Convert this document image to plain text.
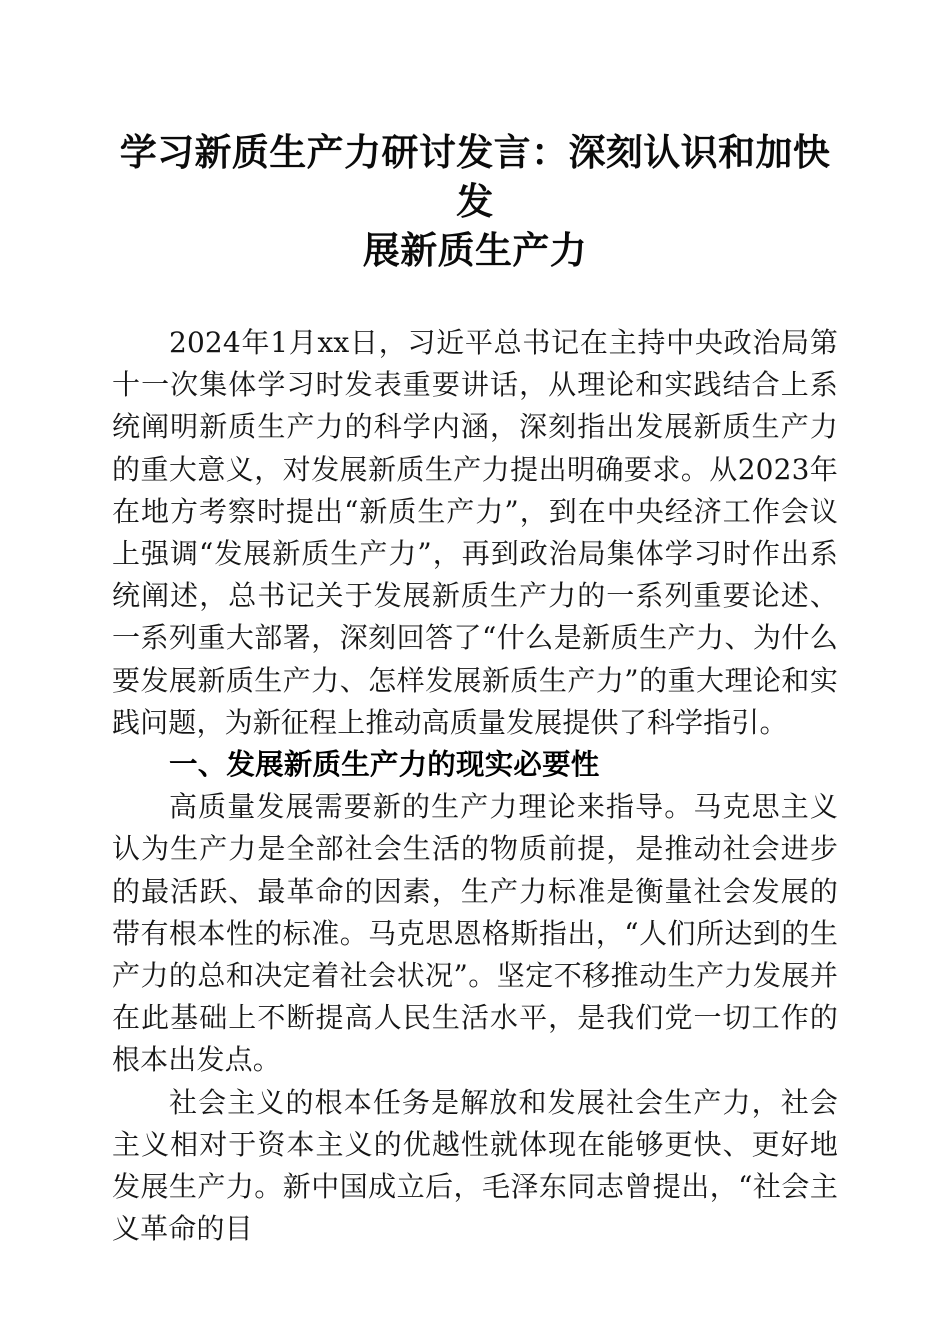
学习新质生产力研讨发言：深刻认识和加快发
展新质生产力

2024年1月xx日，习近平总书记在主持中央政治局第十一次集体学习时发表重要讲话，从理论和实践结合上系统阐明新质生产力的科学内涵，深刻指出发展新质生产力的重大意义，对发展新质生产力提出明确要求。从2023年在地方考察时提出“新质生产力”，到在中央经济工作会议上强调“发展新质生产力”，再到政治局集体学习时作出系统阐述，总书记关于发展新质生产力的一系列重要论述、一系列重大部署，深刻回答了“什么是新质生产力、为什么要发展新质生产力、怎样发展新质生产力”的重大理论和实践问题，为新征程上推动高质量发展提供了科学指引。

一、发展新质生产力的现实必要性

高质量发展需要新的生产力理论来指导。马克思主义认为生产力是全部社会生活的物质前提，是推动社会进步的最活跃、最革命的因素，生产力标准是衡量社会发展的带有根本性的标准。马克思恩格斯指出，“人们所达到的生产力的总和决定着社会状况”。坚定不移推动生产力发展并在此基础上不断提高人民生活水平，是我们党一切工作的根本出发点。

社会主义的根本任务是解放和发展社会生产力，社会主义相对于资本主义的优越性就体现在能够更快、更好地发展生产力。新中国成立后，毛泽东同志曾提出，“社会主义革命的目
